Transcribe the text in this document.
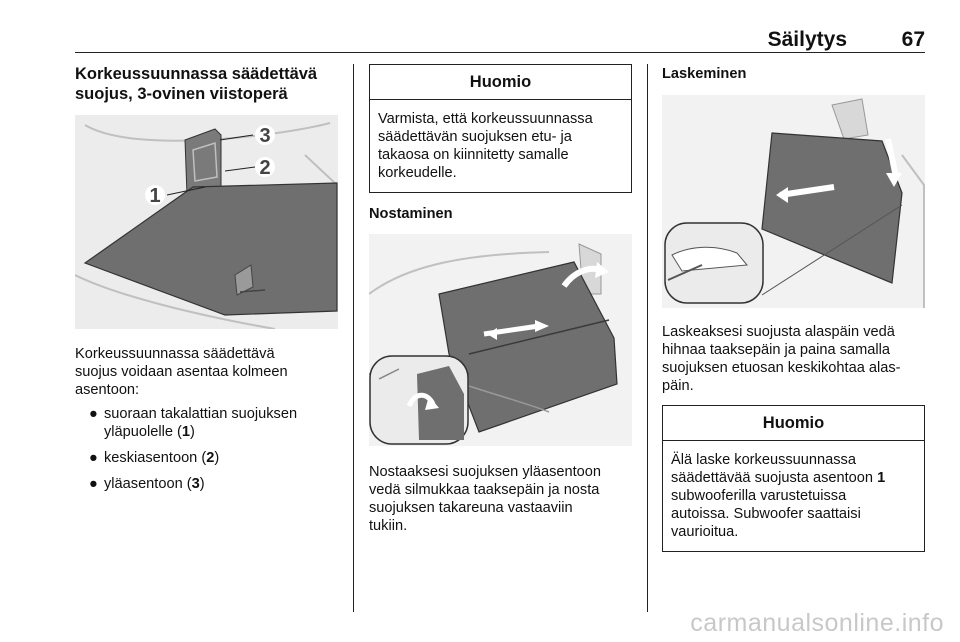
Säilytys	67
Korkeussuunnassa säädettävä
suojus, 3-ovinen viistoperä
1
2
3
Korkeussuunnassa säädettävä
suojus voidaan asentaa kolmeen
asentoon:
● suoraan takalattian suojuksen
yläpuolelle (1)
● keskiasentoon (2)
● yläasentoon (3)
Huomio
Varmista, että korkeussuunnassa
säädettävän suojuksen etu- ja
takaosa on kiinnitetty samalle
korkeudelle.
Nostaminen
Nostaaksesi suojuksen yläasentoon
vedä silmukkaa taaksepäin ja nosta
suojuksen takareuna vastaaviin
tukiin.
Laskeminen
Laskeaksesi suojusta alaspäin vedä
hihnaa taaksepäin ja paina samalla
suojuksen etuosan keskikohtaa alas-
päin.
Huomio
Älä laske korkeussuunnassa
säädettävää suojusta asentoon 1
subwooferilla varustetuissa
autoissa. Subwoofer saattaisi
vaurioitua.
carmanualsonline.info
